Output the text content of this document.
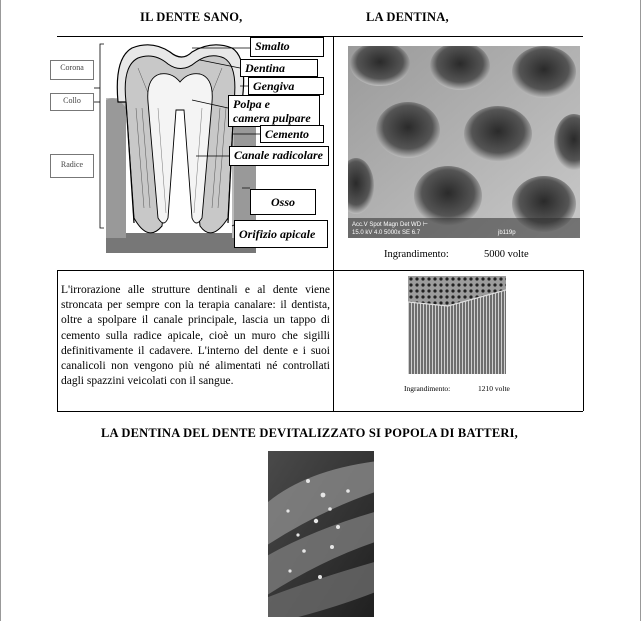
IL DENTE SANO,	LA DENTINA,
Corona
Collo
Radice
Smalto
Dentina
Gengiva
Polpa e
camera pulpare
Cemento
Canale radicolare
Osso
Orifizio apicale
Acc.V Spot Magn Det WD ⊢
15.0 kV 4.0 5000x SE 6.7	jb119p
Ingrandimento:	5000 volte
L'irrorazione alle strutture dentinali e al dente viene stroncata per sempre con la terapia canalare: il dentista, oltre a spolpare il canale principale, lascia un tappo di cemento sulla radice apicale, cioè un muro che sigilli definitivamente il cadavere. L'interno del dente e i suoi canalicoli non vengono più né alimentati né controllati dagli spazzini veicolati con il sangue.
Ingrandimento:	1210 volte
LA DENTINA DEL DENTE DEVITALIZZATO SI POPOLA DI BATTERI,
